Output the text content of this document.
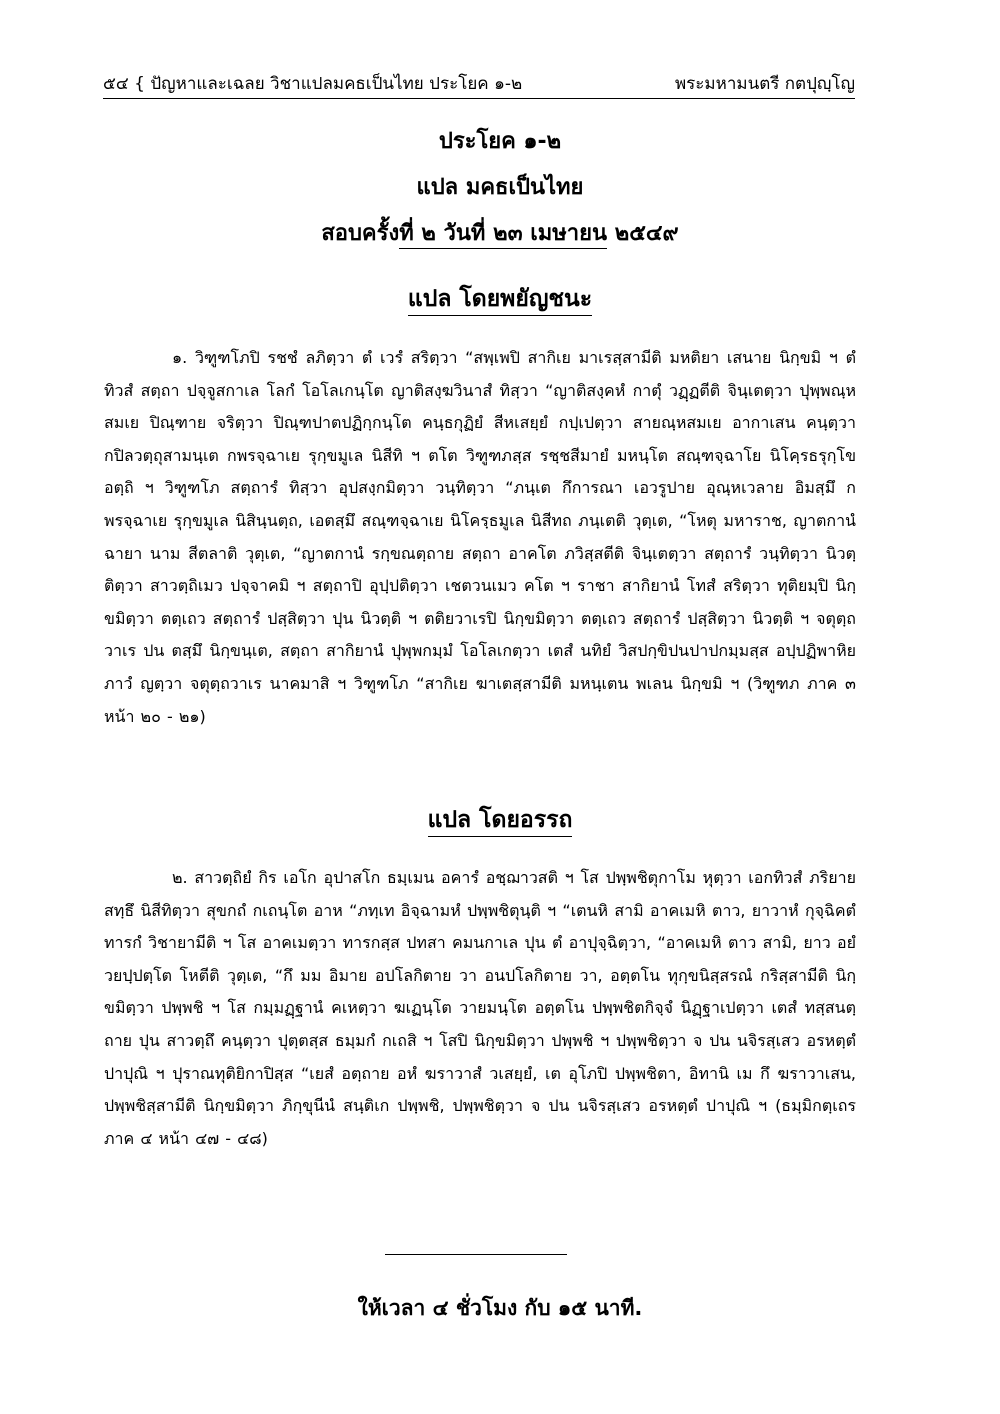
๕๔ { ปัญหาและเฉลย วิชาแปลมคธเป็นไทย ประโยค ๑-๒	พระมหามนตรี กตปุญฺโญ
ประโยค ๑-๒
แปล มคธเป็นไทย
สอบครั้งที่ ๒ วันที่ ๒๓ เมษายน ๒๕๔๙
แปล โดยพยัญชนะ

๑. วิฑูฑโภปิ รชชํ ลภิตฺวา ตํ เวรํ สริตฺวา “สพฺเพปิ สากิเย มาเรสฺสามีติ มหติยา เสนาย นิกฺขมิ ฯ ตํ ทิวสํ สตฺถา ปจฺจูสกาเล โลกํ โอโลเกนฺโต ญาติสงฺฆวินาสํ ทิสฺวา “ญาติสงฺคหํ กาตุํ วฏฺฏตีติ จินฺเตตฺวา ปุพฺพณฺหสมเย ปิณฺฑาย จริตฺวา ปิณฺฑปาตปฏิกฺกนฺโต คนฺธกุฏิยํ สีหเสยฺยํ กปฺเปตฺวา สายณฺหสมเย อากาเสน คนฺตฺวา กปิลวตฺถุสามนฺเต กพรจฺฉาเย รุกฺขมูเล นิสีทิ ฯ ตโต วิฑูฑภสฺส รชฺชสีมายํ มหนฺโต สณฺฑจฺฉาโย นิโคฺรธรุกฺโข อตฺถิ ฯ วิฑูฑโภ สตฺถารํ ทิสฺวา อุปสงฺกมิตฺวา วนฺทิตฺวา “ภนฺเต กึการณา เอวรูปาย อุณฺหเวลาย อิมสฺมึ กพรจฺฉาเย รุกฺขมูเล นิสินฺนตฺถ, เอตสฺมึ สณฺฑจฺฉาเย นิโครฺธมูเล นิสีทถ ภนฺเตติ วุตฺเต, “โหตุ มหาราช, ญาตกานํ ฉายา นาม สีตลาติ วุตฺเต, “ญาตกานํ รกฺขณตฺถาย สตฺถา อาคโต ภวิสฺสตีติ จินฺเตตฺวา สตฺถารํ วนฺทิตฺวา นิวตฺติตฺวา สาวตฺถิเมว ปจฺจาคมิ ฯ สตฺถาปิ อุปฺปติตฺวา เชตวนเมว คโต ฯ ราชา สากิยานํ โทสํ สริตฺวา ทุติยมฺปิ นิกฺขมิตฺวา ตตฺเถว สตฺถารํ ปสฺสิตฺวา ปุน นิวตฺติ ฯ ตติยวาเรปิ นิกฺขมิตฺวา ตตฺเถว สตฺถารํ ปสฺสิตฺวา นิวตฺติ ฯ จตุตฺถวาเร ปน ตสฺมึ นิกฺขนฺเต, สตฺถา สากิยานํ ปุพฺพกมฺมํ โอโลเกตฺวา เตสํ นทิยํ วิสปกฺขิปนปาปกมฺมสฺส อปฺปฏิพาหิยภาวํ ญตฺวา จตุตฺถวาเร นาคมาสิ ฯ วิฑูฑโภ “สากิเย ฆาเตสฺสามีติ มหนฺเตน พเลน นิกฺขมิ ฯ (วิฑูฑภ ภาค ๓ หน้า ๒๐ - ๒๑)

แปล โดยอรรถ

๒. สาวตฺถิยํ กิร เอโก อุปาสโก ธมฺเมน อคารํ อชฺฌาวสติ ฯ โส ปพฺพชิตุกาโม หุตฺวา เอกทิวสํ ภริยาย สทฺธึ นิสีทิตฺวา สุขกถํ กเถนฺโต อาห “ภทฺเท อิจฺฉามหํ ปพฺพชิตุนฺติ ฯ “เตนหิ สามิ อาคเมหิ ตาว, ยาวาหํ กุจฺฉิคตํ ทารกํ วิชายามีติ ฯ โส อาคเมตฺวา ทารกสฺส ปทสา คมนกาเล ปุน ตํ อาปุจฺฉิตฺวา, “อาคเมหิ ตาว สามิ, ยาว อยํ วยปฺปตฺโต โหตีติ วุตฺเต, “กึ มม อิมาย อปโลกิตาย วา อนปโลกิตาย วา, อตฺตโน ทุกฺขนิสฺสรณํ กริสฺสามีติ นิกฺขมิตฺวา ปพฺพชิ ฯ โส กมฺมฏฺฐานํ คเหตฺวา ฆเฏนฺโต วายมนฺโต อตฺตโน ปพฺพชิตกิจฺจํ นิฏฺฐาเปตฺวา เตสํ ทสฺสนตฺถาย ปุน สาวตฺถึ คนฺตฺวา ปุตฺตสฺส ธมฺมกํ กเถสิ ฯ โสปิ นิกฺขมิตฺวา ปพฺพชิ ฯ ปพฺพชิตฺวา จ ปน นจิรสฺเสว อรหตฺตํ ปาปุณิ ฯ ปุราณทุติยิกาปิสฺส “เยสํ อตฺถาย อหํ ฆราวาสํ วเสยฺยํ, เต อุโภปิ ปพฺพชิตา, อิทานิ เม กึ ฆราวาเสน, ปพฺพชิสฺสามีติ นิกฺขมิตฺวา ภิกฺขุนีนํ สนฺติเก ปพฺพชิ, ปพฺพชิตฺวา จ ปน นจิรสฺเสว อรหตฺตํ ปาปุณิ ฯ (ธมฺมิกตฺเถร ภาค ๔ หน้า ๔๗ - ๔๘)

ให้เวลา ๔ ชั่วโมง กับ ๑๕ นาที.
